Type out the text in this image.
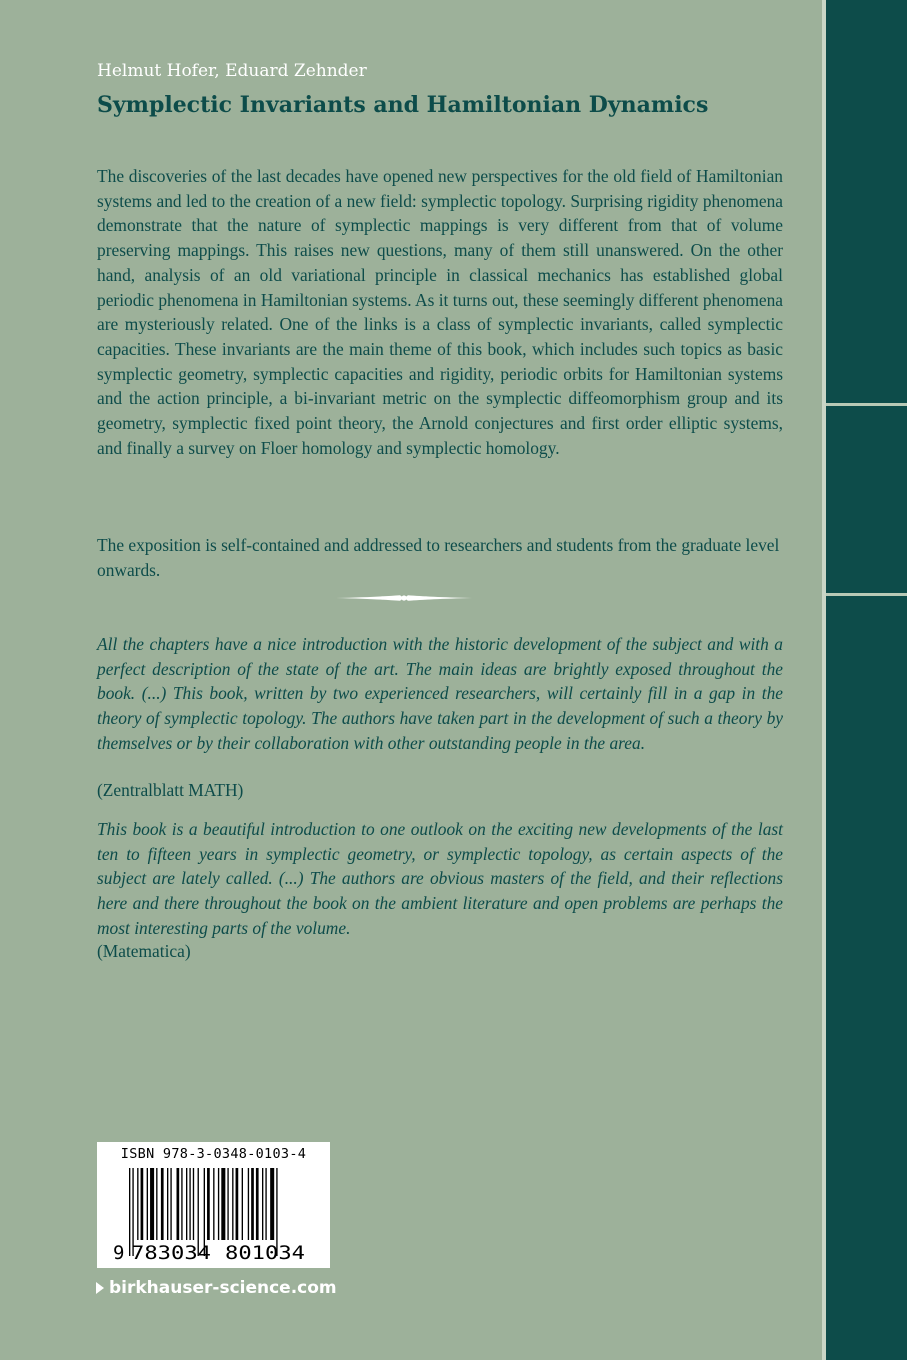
Helmut Hofer, Eduard Zehnder
Symplectic Invariants and Hamiltonian Dynamics

The discoveries of the last decades have opened new perspectives for the old field of Hamiltonian systems and led to the creation of a new field: symplectic topology. Surprising rigidity phenomena demonstrate that the nature of symplectic mappings is very different from that of volume preserving mappings. This raises new questions, many of them still unanswered. On the other hand, analysis of an old variational principle in classical mechanics has established global periodic phenomena in Hamiltonian systems. As it turns out, these seemingly different phenomena are mysteriously related. One of the links is a class of symplectic invariants, called symplectic capacities. These invariants are the main theme of this book, which includes such topics as basic symplectic geometry, symplectic capacities and rigidity, periodic orbits for Hamiltonian systems and the action principle, a bi-invariant metric on the symplectic diffeomorphism group and its geometry, symplectic fixed point theory, the Arnold conjectures and first order elliptic systems, and finally a survey on Floer homology and symplectic homology.

The exposition is self-contained and addressed to researchers and students from the graduate level onwards.

All the chapters have a nice introduction with the historic development of the subject and with a perfect description of the state of the art. The main ideas are brightly exposed throughout the book. (...) This book, written by two experienced researchers, will certainly fill in a gap in the theory of symplectic topology. The authors have taken part in the development of such a theory by themselves or by their collaboration with other outstanding people in the area.

(Zentralblatt MATH)

This book is a beautiful introduction to one outlook on the exciting new developments of the last ten to fifteen years in symplectic geometry, or symplectic topology, as certain aspects of the subject are lately called. (...) The authors are obvious masters of the field, and their reflections here and there throughout the book on the ambient literature and open problems are perhaps the most interesting parts of the volume.

(Matematica)
ISBN 978-3-0348-0103-4
9 783034 801034
birkhauser-science.com
